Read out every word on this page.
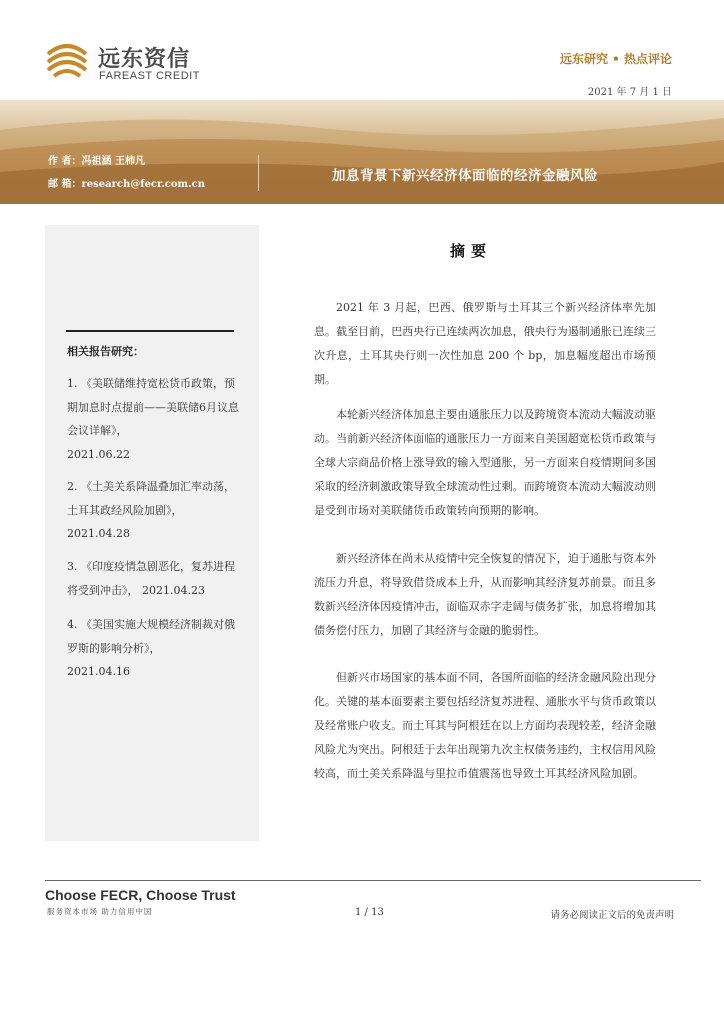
远东资信
FAREAST CREDIT
远东研究 • 热点评论
2021 年 7 月 1 日
作 者：冯祖涵 王柿凡
邮 箱：research@fecr.com.cn
加息背景下新兴经济体面临的经济金融风险
相关报告研究：
1. 《美联储维持宽松货币政策，预期加息时点提前——美联储6月议息会议详解》，
2021.06.22
2. 《土美关系降温叠加汇率动荡，土耳其政经风险加剧》，
2021.04.28
3. 《印度疫情急剧恶化，复苏进程将受到冲击》， 2021.04.23
4. 《美国实施大规模经济制裁对俄罗斯的影响分析》，
2021.04.16
摘要
2021 年 3 月起，巴西、俄罗斯与土耳其三个新兴经济体率先加息。截至目前，巴西央行已连续两次加息，俄央行为遏制通胀已连续三次升息，土耳其央行则一次性加息 200 个 bp，加息幅度超出市场预期。
本轮新兴经济体加息主要由通胀压力以及跨境资本流动大幅波动驱动。当前新兴经济体面临的通胀压力一方面来自美国超宽松货币政策与全球大宗商品价格上涨导致的输入型通胀，另一方面来自疫情期间多国采取的经济刺激政策导致全球流动性过剩。而跨境资本流动大幅波动则是受到市场对美联储货币政策转向预期的影响。
新兴经济体在尚未从疫情中完全恢复的情况下，迫于通胀与资本外流压力升息，将导致借贷成本上升，从而影响其经济复苏前景。而且多数新兴经济体因疫情冲击，面临双赤字走阔与债务扩张，加息将增加其债务偿付压力，加剧了其经济与金融的脆弱性。
但新兴市场国家的基本面不同，各国所面临的经济金融风险出现分化。关键的基本面要素主要包括经济复苏进程、通胀水平与货币政策以及经常账户收支。而土耳其与阿根廷在以上方面均表现较差，经济金融风险尤为突出。阿根廷于去年出现第九次主权债务违约，主权信用风险较高，而土美关系降温与里拉币值震荡也导致土耳其经济风险加剧。
Choose FECR, Choose Trust
服务资本市场 助力信用中国	1 / 13	请务必阅读正文后的免责声明
